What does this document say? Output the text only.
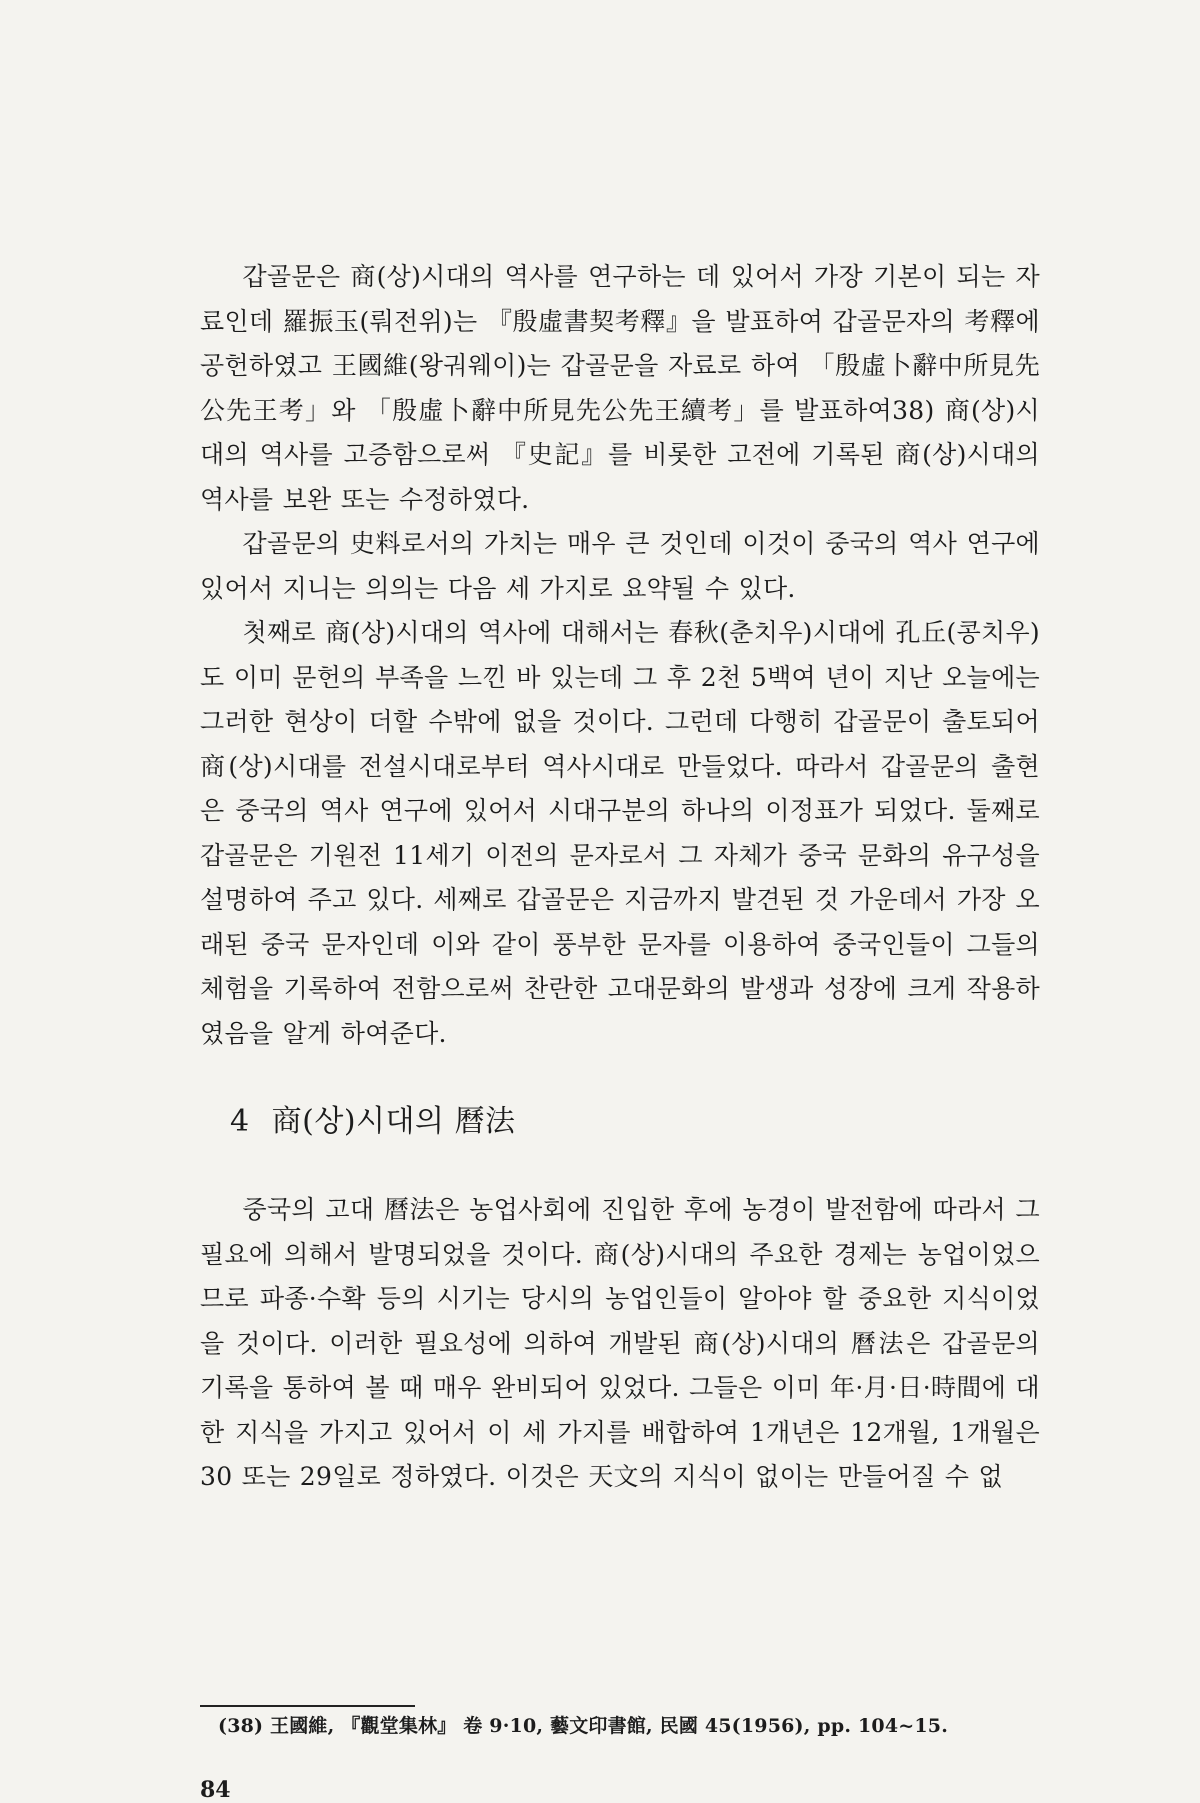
갑골문은 商(상)시대의 역사를 연구하는 데 있어서 가장 기본이 되는 자료인데 羅振玉(뤄전위)는 『殷虛書契考釋』을 발표하여 갑골문자의 考釋에 공헌하였고 王國維(왕궈웨이)는 갑골문을 자료로 하여 「殷虛卜辭中所見先公先王考」와 「殷虛卜辭中所見先公先王續考」를 발표하여38) 商(상)시대의 역사를 고증함으로써 『史記』를 비롯한 고전에 기록된 商(상)시대의 역사를 보완 또는 수정하였다.

갑골문의 史料로서의 가치는 매우 큰 것인데 이것이 중국의 역사 연구에 있어서 지니는 의의는 다음 세 가지로 요약될 수 있다.

첫째로 商(상)시대의 역사에 대해서는 春秋(춘치우)시대에 孔丘(콩치우)도 이미 문헌의 부족을 느낀 바 있는데 그 후 2천 5백여 년이 지난 오늘에는 그러한 현상이 더할 수밖에 없을 것이다. 그런데 다행히 갑골문이 출토되어 商(상)시대를 전설시대로부터 역사시대로 만들었다. 따라서 갑골문의 출현은 중국의 역사 연구에 있어서 시대구분의 하나의 이정표가 되었다. 둘째로 갑골문은 기원전 11세기 이전의 문자로서 그 자체가 중국 문화의 유구성을 설명하여 주고 있다. 세째로 갑골문은 지금까지 발견된 것 가운데서 가장 오래된 중국 문자인데 이와 같이 풍부한 문자를 이용하여 중국인들이 그들의 체험을 기록하여 전함으로써 찬란한 고대문화의 발생과 성장에 크게 작용하였음을 알게 하여준다.

4 商(상)시대의 曆法

중국의 고대 曆法은 농업사회에 진입한 후에 농경이 발전함에 따라서 그 필요에 의해서 발명되었을 것이다. 商(상)시대의 주요한 경제는 농업이었으므로 파종·수확 등의 시기는 당시의 농업인들이 알아야 할 중요한 지식이었을 것이다. 이러한 필요성에 의하여 개발된 商(상)시대의 曆法은 갑골문의 기록을 통하여 볼 때 매우 완비되어 있었다. 그들은 이미 年·月·日·時間에 대한 지식을 가지고 있어서 이 세 가지를 배합하여 1개년은 12개월, 1개월은 30 또는 29일로 정하였다. 이것은 天文의 지식이 없이는 만들어질 수 없

(38) 王國維, 『觀堂集林』 卷 9·10, 藝文印書館, 民國 45(1956), pp. 104~15.
84
